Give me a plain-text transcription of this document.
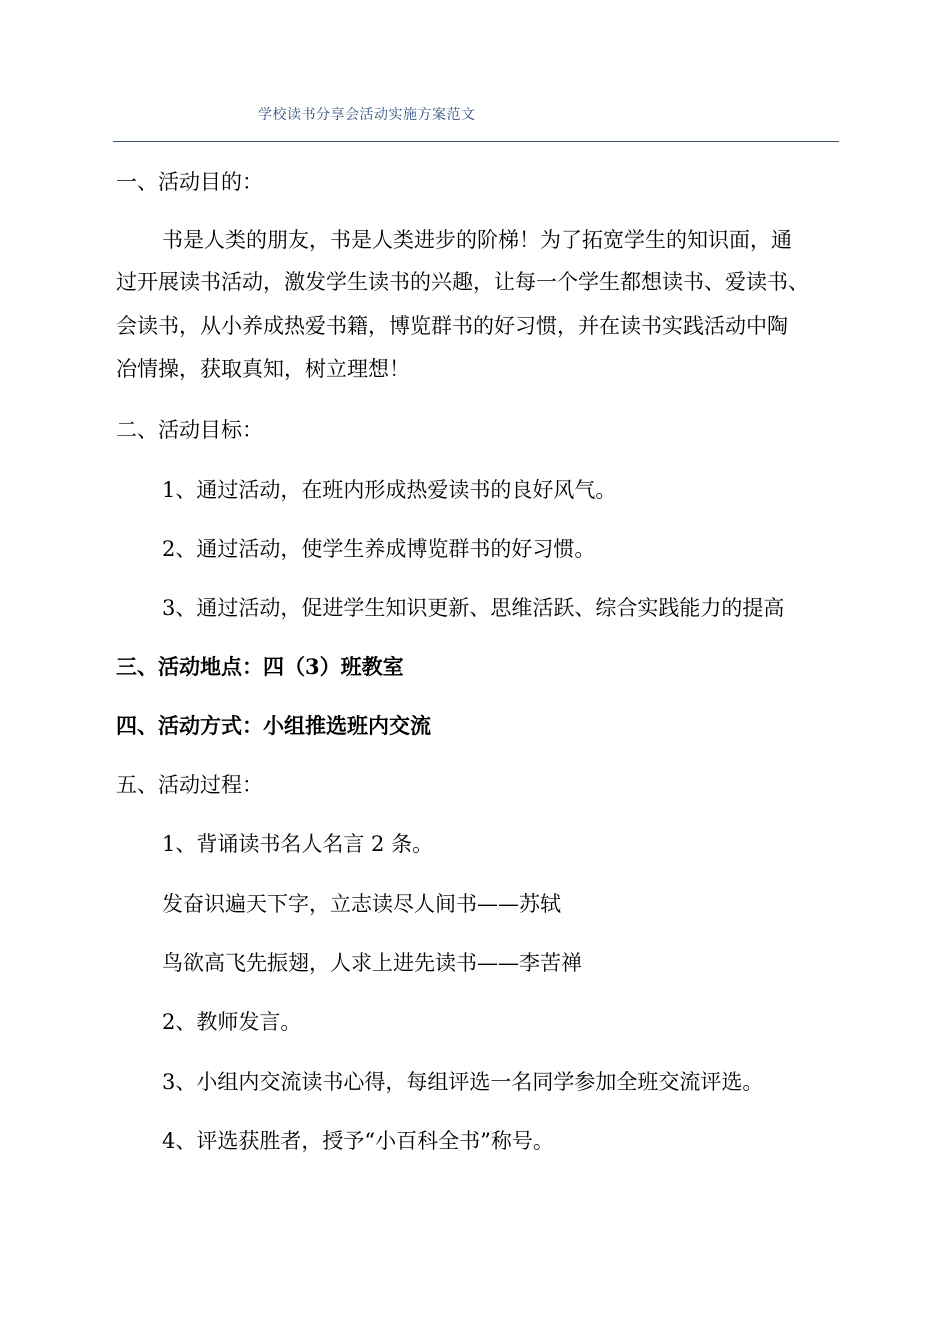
学校读书分享会活动实施方案范文
一、活动目的：
书是人类的朋友，书是人类进步的阶梯！为了拓宽学生的知识面，通
过开展读书活动，激发学生读书的兴趣，让每一个学生都想读书、爱读书、
会读书，从小养成热爱书籍，博览群书的好习惯，并在读书实践活动中陶
冶情操，获取真知，树立理想！
二、活动目标：
1、通过活动，在班内形成热爱读书的良好风气。
2、通过活动，使学生养成博览群书的好习惯。
3、通过活动，促进学生知识更新、思维活跃、综合实践能力的提高
三、活动地点：四（3）班教室
四、活动方式：小组推选班内交流
五、活动过程：
1、背诵读书名人名言 2 条。
发奋识遍天下字，立志读尽人间书——苏轼
鸟欲高飞先振翅，人求上进先读书——李苦禅
2、教师发言。
3、小组内交流读书心得，每组评选一名同学参加全班交流评选。
4、评选获胜者，授予“小百科全书”称号。
